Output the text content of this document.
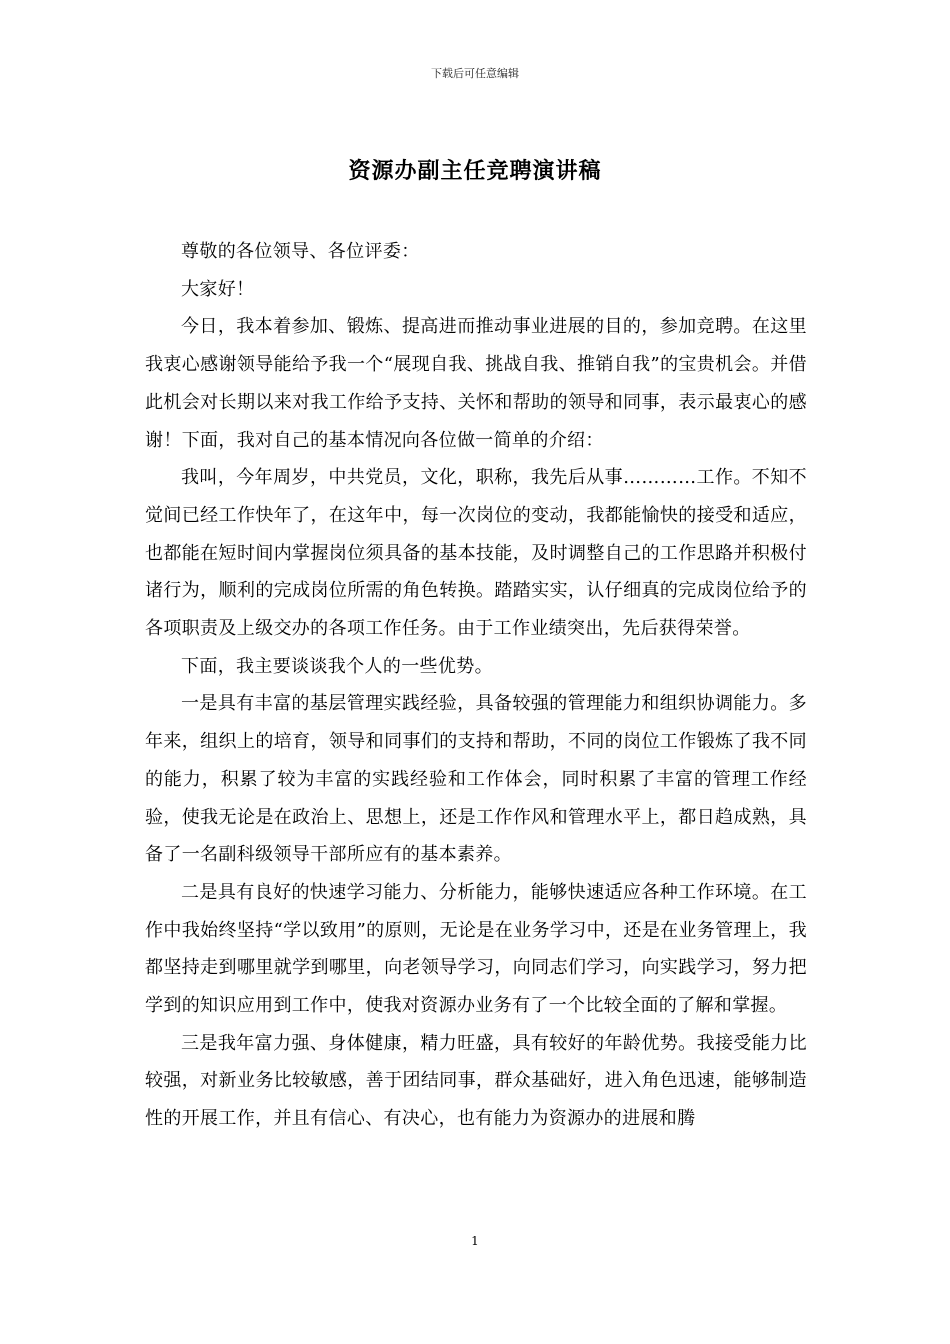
下载后可任意编辑
资源办副主任竞聘演讲稿

尊敬的各位领导、各位评委：

大家好！

今日，我本着参加、锻炼、提高进而推动事业进展的目的，参加竞聘。在这里我衷心感谢领导能给予我一个“展现自我、挑战自我、推销自我”的宝贵机会。并借此机会对长期以来对我工作给予支持、关怀和帮助的领导和同事，表示最衷心的感谢！下面，我对自己的基本情况向各位做一简单的介绍：

我叫，今年周岁，中共党员，文化，职称，我先后从事…………工作。不知不觉间已经工作快年了，在这年中，每一次岗位的变动，我都能愉快的接受和适应，也都能在短时间内掌握岗位须具备的基本技能，及时调整自己的工作思路并积极付诸行为，顺利的完成岗位所需的角色转换。踏踏实实，认仔细真的完成岗位给予的各项职责及上级交办的各项工作任务。由于工作业绩突出，先后获得荣誉。

下面，我主要谈谈我个人的一些优势。

一是具有丰富的基层管理实践经验，具备较强的管理能力和组织协调能力。多年来，组织上的培育，领导和同事们的支持和帮助，不同的岗位工作锻炼了我不同的能力，积累了较为丰富的实践经验和工作体会，同时积累了丰富的管理工作经验，使我无论是在政治上、思想上，还是工作作风和管理水平上，都日趋成熟，具备了一名副科级领导干部所应有的基本素养。

二是具有良好的快速学习能力、分析能力，能够快速适应各种工作环境。在工作中我始终坚持“学以致用”的原则，无论是在业务学习中，还是在业务管理上，我都坚持走到哪里就学到哪里，向老领导学习，向同志们学习，向实践学习，努力把学到的知识应用到工作中，使我对资源办业务有了一个比较全面的了解和掌握。

三是我年富力强、身体健康，精力旺盛，具有较好的年龄优势。我接受能力比较强，对新业务比较敏感，善于团结同事，群众基础好，进入角色迅速，能够制造性的开展工作，并且有信心、有决心，也有能力为资源办的进展和腾

1
